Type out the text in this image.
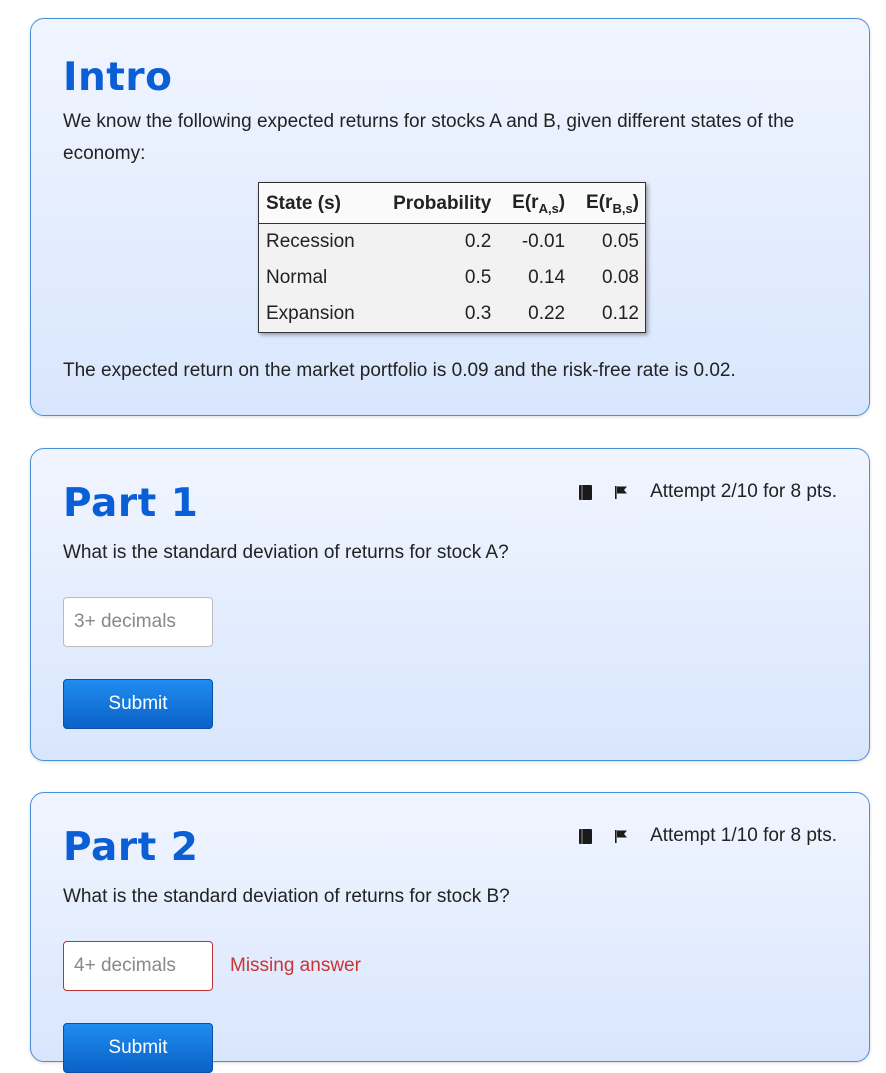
Intro

We know the following expected returns for stocks A and B, given different states of the economy:

State (s)	Probability	$E(r_{A,s})$	$E(r_{B,s})$
Recession	0.2	-0.01	0.05
Normal	0.5	0.14	0.08
Expansion	0.3	0.22	0.12

The expected return on the market portfolio is 0.09 and the risk-free rate is 0.02.

Part 1	Attempt 2/10 for 8 pts.

What is the standard deviation of returns for stock A?

3+ decimals
Submit
Part 2	Attempt 1/10 for 8 pts.

What is the standard deviation of returns for stock B?

4+ decimals
Missing answer
Submit
